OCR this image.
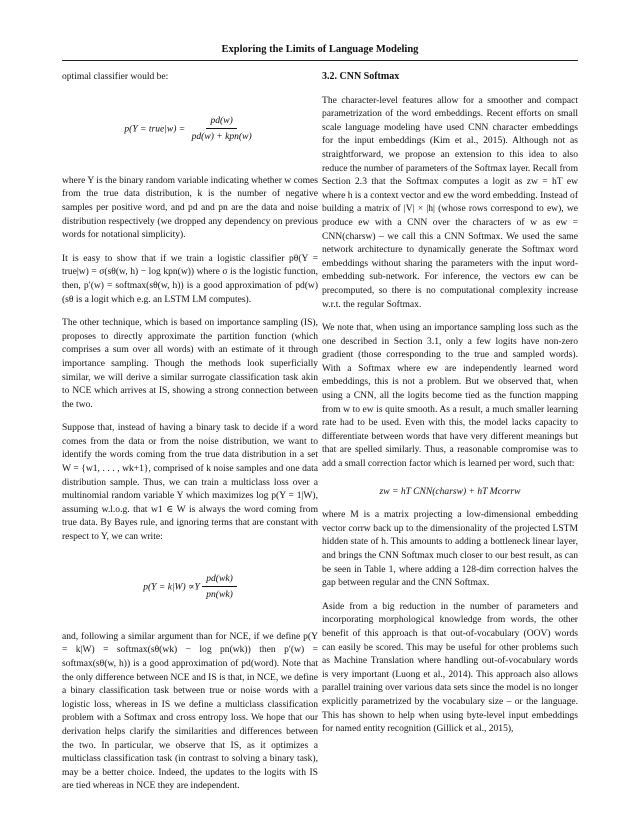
Exploring the Limits of Language Modeling

optimal classifier would be:

p(Y = true|w) = $\frac{pd(w)}{\text{pd(w) + kpn(w)}}$

where Y is the binary random variable indicating whether w comes from the true data distribution, k is the number of negative samples per positive word, and pd and pn are the data and noise distribution respectively (we dropped any dependency on previous words for notational simplicity).

It is easy to show that if we train a logistic classifier pθ(Y = true|w) = σ(sθ(w, h) − log kpn(w)) where σ is the logistic function, then, p′(w) = softmax(sθ(w, h)) is a good approximation of pd(w) (sθ is a logit which e.g. an LSTM LM computes).

The other technique, which is based on importance sampling (IS), proposes to directly approximate the partition function (which comprises a sum over all words) with an estimate of it through importance sampling. Though the methods look superficially similar, we will derive a similar surrogate classification task akin to NCE which arrives at IS, showing a strong connection between the two.

Suppose that, instead of having a binary task to decide if a word comes from the data or from the noise distribution, we want to identify the words coming from the true data distribution in a set W = {w1, . . . , wk+1}, comprised of k noise samples and one data distribution sample. Thus, we can train a multiclass loss over a multinomial random variable Y which maximizes log p(Y = 1|W), assuming w.l.o.g. that w1 ∈ W is always the word coming from true data. By Bayes rule, and ignoring terms that are constant with respect to Y, we can write:

$p(Y = k|W) \propto Y \frac{pd(wk)}{pn(wk)}$

and, following a similar argument than for NCE, if we define p(Y = k|W) = softmax(sθ(wk) − log pn(wk)) then p′(w) = softmax(sθ(w, h)) is a good approximation of pd(word). Note that the only difference between NCE and IS is that, in NCE, we define a binary classification task between true or noise words with a logistic loss, whereas in IS we define a multiclass classification problem with a Softmax and cross entropy loss. We hope that our derivation helps clarify the similarities and differences between the two. In particular, we observe that IS, as it optimizes a multiclass classification task (in contrast to solving a binary task), may be a better choice. Indeed, the updates to the logits with IS are tied whereas in NCE they are independent.

3.2. CNN Softmax

The character-level features allow for a smoother and compact parametrization of the word embeddings. Recent efforts on small scale language modeling have used CNN character embeddings for the input embeddings (Kim et al., 2015). Although not as straightforward, we propose an extension to this idea to also reduce the number of parameters of the Softmax layer. Recall from Section 2.3 that the Softmax computes a logit as zw = hT ew where h is a context vector and ew the word embedding. Instead of building a matrix of |V| × |h| (whose rows correspond to ew), we produce ew with a CNN over the characters of w as ew = CNN(charsw) – we call this a CNN Softmax. We used the same network architecture to dynamically generate the Softmax word embeddings without sharing the parameters with the input word-embedding sub-network. For inference, the vectors ew can be precomputed, so there is no computational complexity increase w.r.t. the regular Softmax.

We note that, when using an importance sampling loss such as the one described in Section 3.1, only a few logits have non-zero gradient (those corresponding to the true and sampled words). With a Softmax where ew are independently learned word embeddings, this is not a problem. But we observed that, when using a CNN, all the logits become tied as the function mapping from w to ew is quite smooth. As a result, a much smaller learning rate had to be used. Even with this, the model lacks capacity to differentiate between words that have very different meanings but that are spelled similarly. Thus, a reasonable compromise was to add a small correction factor which is learned per word, such that:

zw = hT CNN(charsw) + hT Mcorrw

where M is a matrix projecting a low-dimensional embedding vector corrw back up to the dimensionality of the projected LSTM hidden state of h. This amounts to adding a bottleneck linear layer, and brings the CNN Softmax much closer to our best result, as can be seen in Table 1, where adding a 128-dim correction halves the gap between regular and the CNN Softmax.

Aside from a big reduction in the number of parameters and incorporating morphological knowledge from words, the other benefit of this approach is that out-of-vocabulary (OOV) words can easily be scored. This may be useful for other problems such as Machine Translation where handling out-of-vocabulary words is very important (Luong et al., 2014). This approach also allows parallel training over various data sets since the model is no longer explicitly parametrized by the vocabulary size – or the language. This has shown to help when using byte-level input embeddings for named entity recognition (Gillick et al., 2015),
